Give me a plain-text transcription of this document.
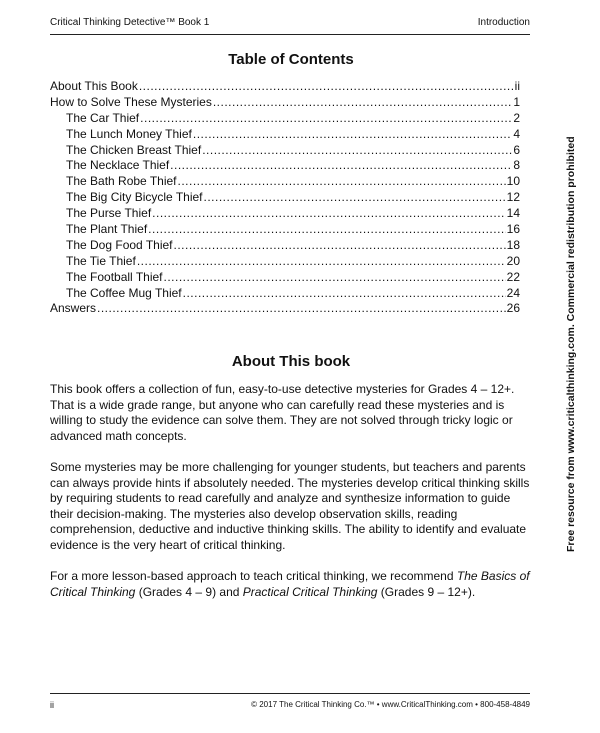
Critical Thinking Detective™ Book 1	Introduction
Table of Contents
About This Book .....	ii
How to Solve These Mysteries .....	1
The Car Thief .....	2
The Lunch Money Thief .....	4
The Chicken Breast Thief .....	6
The Necklace Thief .....	8
The Bath Robe Thief .....	10
The Big City Bicycle Thief .....	12
The Purse Thief .....	14
The Plant Thief .....	16
The Dog Food Thief .....	18
The Tie Thief .....	20
The Football Thief .....	22
The Coffee Mug Thief .....	24
Answers .....	26
About This book

This book offers a collection of fun, easy-to-use detective mysteries for Grades 4 – 12+. That is a wide grade range, but anyone who can carefully read these mysteries and is willing to study the evidence can solve them. They are not solved through tricky logic or advanced math concepts.

Some mysteries may be more challenging for younger students, but teachers and parents can always provide hints if absolutely needed. The mysteries develop critical thinking skills by requiring students to read carefully and analyze and synthesize information to guide their decision-making. The mysteries also develop observation skills, reading comprehension, deductive and inductive thinking skills. The ability to identify and evaluate evidence is the very heart of critical thinking.

For a more lesson-based approach to teach critical thinking, we recommend The Basics of Critical Thinking (Grades 4 – 9) and Practical Critical Thinking (Grades 9 – 12+).

Free resource from www.criticalthinking.com. Commercial redistribution prohibited
ii	© 2017 The Critical Thinking Co.™ • www.CriticalThinking.com • 800-458-4849
